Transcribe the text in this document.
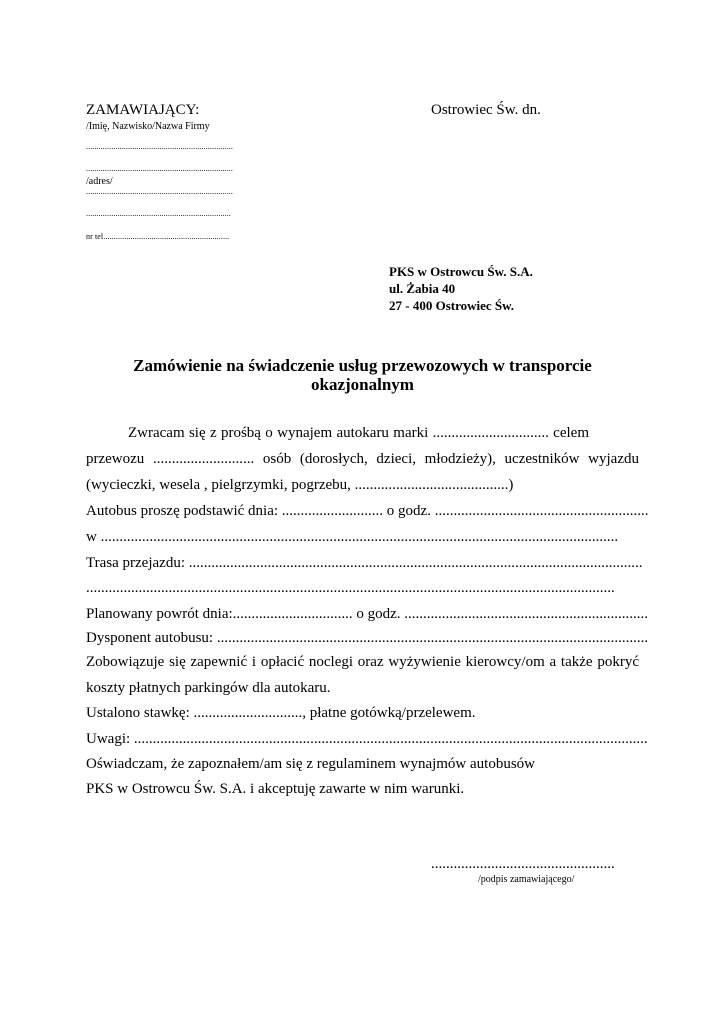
ZAMAWIAJĄCY:
/Imię, Nazwisko/Nazwa Firmy
......................................................................
......................................................................
/adres/
......................................................................
.....................................................................
nr tel............................................................
Ostrowiec Św. dn.
PKS w Ostrowcu Św. S.A.
ul. Żabia 40
27 - 400 Ostrowiec Św.
Zamówienie na świadczenie usług przewozowych w transporcie
okazjonalnym
Zwracam się z prośbą o wynajem autokaru marki ............................... celem
przewozu ........................... osób (dorosłych, dzieci, młodzieży), uczestników wyjazdu
(wycieczki, wesela , pielgrzymki, pogrzebu, .........................................)
Autobus proszę podstawić dnia: ........................... o godz. .........................................................
w ..........................................................................................................................................
Trasa przejazdu: .........................................................................................................................
.............................................................................................................................................
Planowany powrót dnia:................................ o godz. .................................................................
Dysponent autobusu: ...................................................................................................................
Zobowiązuje się zapewnić i opłacić noclegi oraz wyżywienie kierowcy/om a także pokryć
koszty płatnych parkingów dla autokaru.
Ustalono stawkę: ............................., płatne gotówką/przelewem.
Uwagi: .........................................................................................................................................
Oświadczam, że zapoznałem/am się z regulaminem wynajmów autobusów
PKS w Ostrowcu Św. S.A. i akceptuję zawarte w nim warunki.
.................................................
/podpis zamawiającego/
